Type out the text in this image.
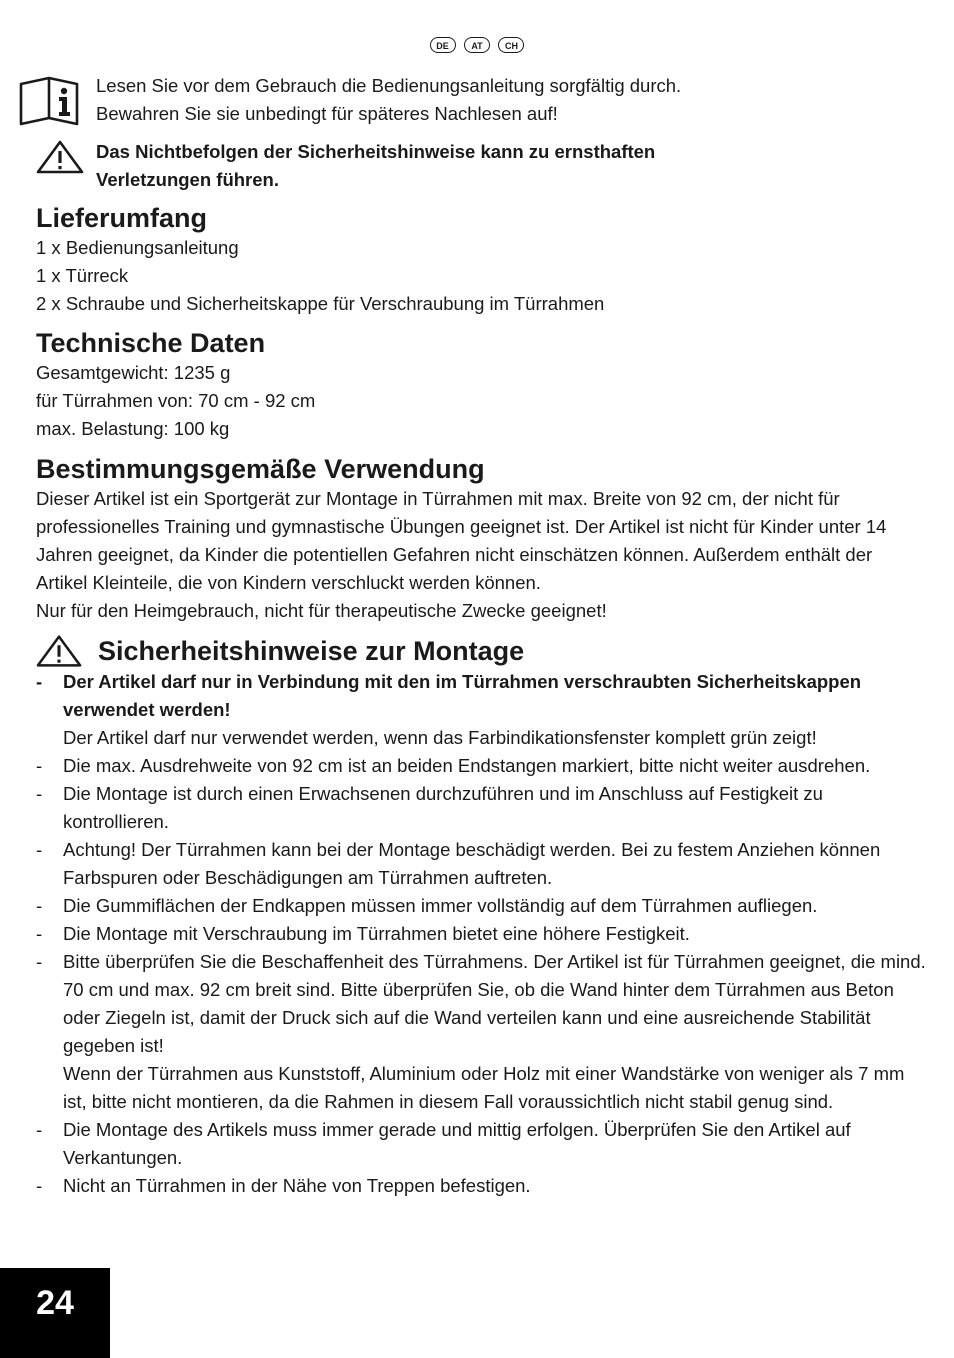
DE	AT CH
Lesen Sie vor dem Gebrauch die Bedienungsanleitung sorgfältig durch.
Bewahren Sie sie unbedingt für späteres Nachlesen auf!
Das Nichtbefolgen der Sicherheitshinweise kann zu ernsthaften
Verletzungen führen.
Lieferumfang
1 x Bedienungsanleitung
1 x Türreck
2 x Schraube und Sicherheitskappe für Verschraubung im Türrahmen
Technische Daten
Gesamtgewicht: 1235 g
für Türrahmen von: 70 cm - 92 cm
max. Belastung: 100 kg
Bestimmungsgemäße Verwendung
Dieser Artikel ist ein Sportgerät zur Montage in Türrahmen mit max. Breite von 92 cm, der nicht für professionelles Training und gymnastische Übungen geeignet ist. Der Artikel ist nicht für Kinder unter 14 Jahren geeignet, da Kinder die potentiellen Gefahren nicht einschätzen können. Außerdem enthält der Artikel Kleinteile, die von Kindern verschluckt werden können.
Nur für den Heimgebrauch, nicht für therapeutische Zwecke geeignet!
Sicherheitshinweise zur Montage
-	Der Artikel darf nur in Verbindung mit den im Türrahmen verschraubten Sicherheitskappen verwendet werden!
Der Artikel darf nur verwendet werden, wenn das Farbindikationsfenster komplett grün zeigt!
-	Die max. Ausdrehweite von 92 cm ist an beiden Endstangen markiert, bitte nicht weiter ausdrehen.
-	Die Montage ist durch einen Erwachsenen durchzuführen und im Anschluss auf Festigkeit zu kontrollieren.
-	Achtung! Der Türrahmen kann bei der Montage beschädigt werden. Bei zu festem Anziehen können Farbspuren oder Beschädigungen am Türrahmen auftreten.
-	Die Gummiflächen der Endkappen müssen immer vollständig auf dem Türrahmen aufliegen.
-	Die Montage mit Verschraubung im Türrahmen bietet eine höhere Festigkeit.
-	Bitte überprüfen Sie die Beschaffenheit des Türrahmens. Der Artikel ist für Türrahmen geeignet, die mind. 70 cm und max. 92 cm breit sind. Bitte überprüfen Sie, ob die Wand hinter dem Türrahmen aus Beton oder Ziegeln ist, damit der Druck sich auf die Wand verteilen kann und eine ausreichende Stabilität gegeben ist!
Wenn der Türrahmen aus Kunststoff, Aluminium oder Holz mit einer Wandstärke von weniger als 7 mm ist, bitte nicht montieren, da die Rahmen in diesem Fall voraussichtlich nicht stabil genug sind.
-	Die Montage des Artikels muss immer gerade und mittig erfolgen. Überprüfen Sie den Artikel auf Verkantungen.
-	Nicht an Türrahmen in der Nähe von Treppen befestigen.
24
